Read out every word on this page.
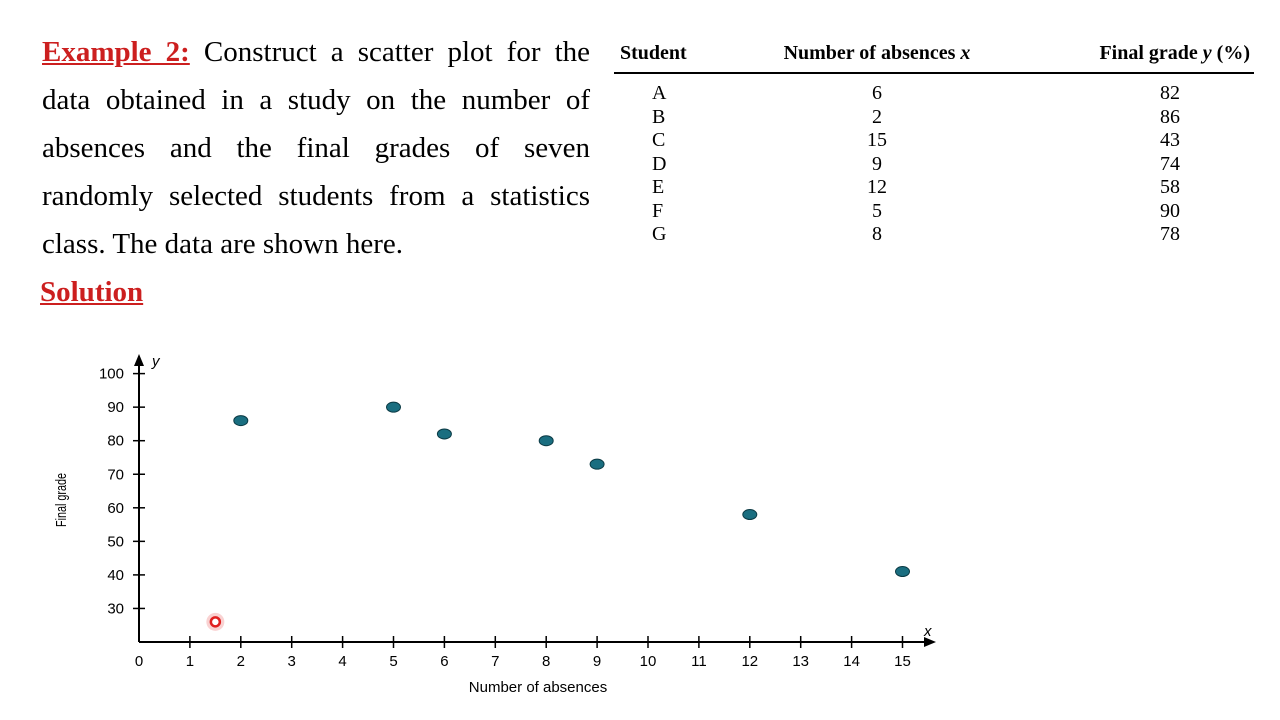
Example 2: Construct a scatter plot for the data obtained in a study on the number of absences and the final grades of seven randomly selected students from a statistics class. The data are shown here.
Solution
Student	Number of absences x	Final grade y (%)
A	6	82
B	2	86
C	15	43
D	9	74
E	12	58
F	5	90
G	8	78
x
y
0	1	2	3	4	5	6	7	8	9	10 11 12 13 14 15
30
40
50
60
70
80
90
100
Number of absences
Final grade
